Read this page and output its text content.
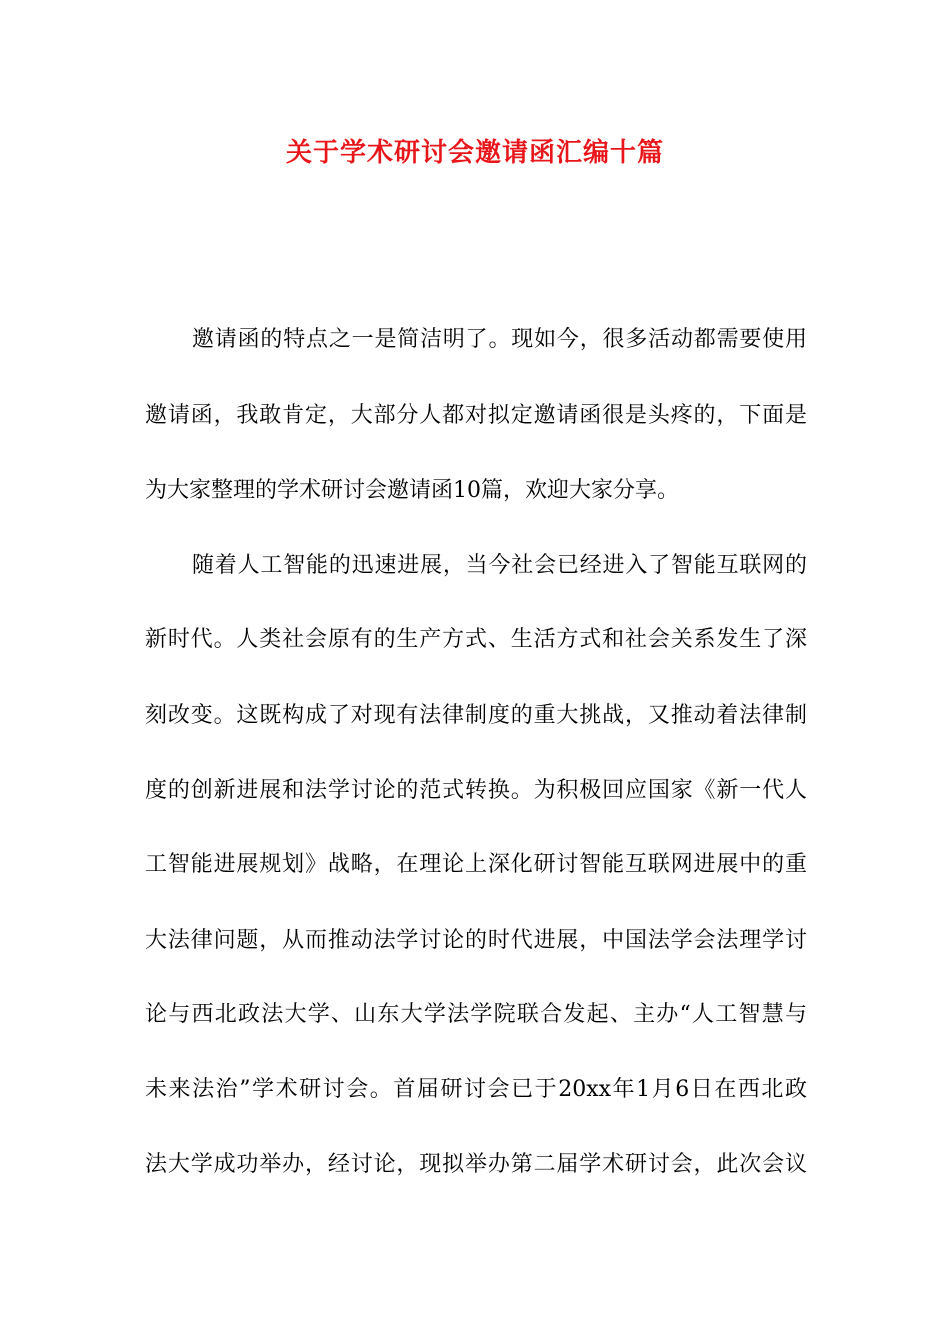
关于学术研讨会邀请函汇编十篇
邀请函的特点之一是简洁明了。现如今，很多活动都需要使用
邀请函，我敢肯定，大部分人都对拟定邀请函很是头疼的，下面是
为大家整理的学术研讨会邀请函10篇，欢迎大家分享。
随着人工智能的迅速进展，当今社会已经进入了智能互联网的
新时代。人类社会原有的生产方式、生活方式和社会关系发生了深
刻改变。这既构成了对现有法律制度的重大挑战，又推动着法律制
度的创新进展和法学讨论的范式转换。为积极回应国家《新一代人
工智能进展规划》战略，在理论上深化研讨智能互联网进展中的重
大法律问题，从而推动法学讨论的时代进展，中国法学会法理学讨
论与西北政法大学、山东大学法学院联合发起、主办“人工智慧与
未来法治”学术研讨会。首届研讨会已于20xx年1月6日在西北政
法大学成功举办，经讨论，现拟举办第二届学术研讨会，此次会议
